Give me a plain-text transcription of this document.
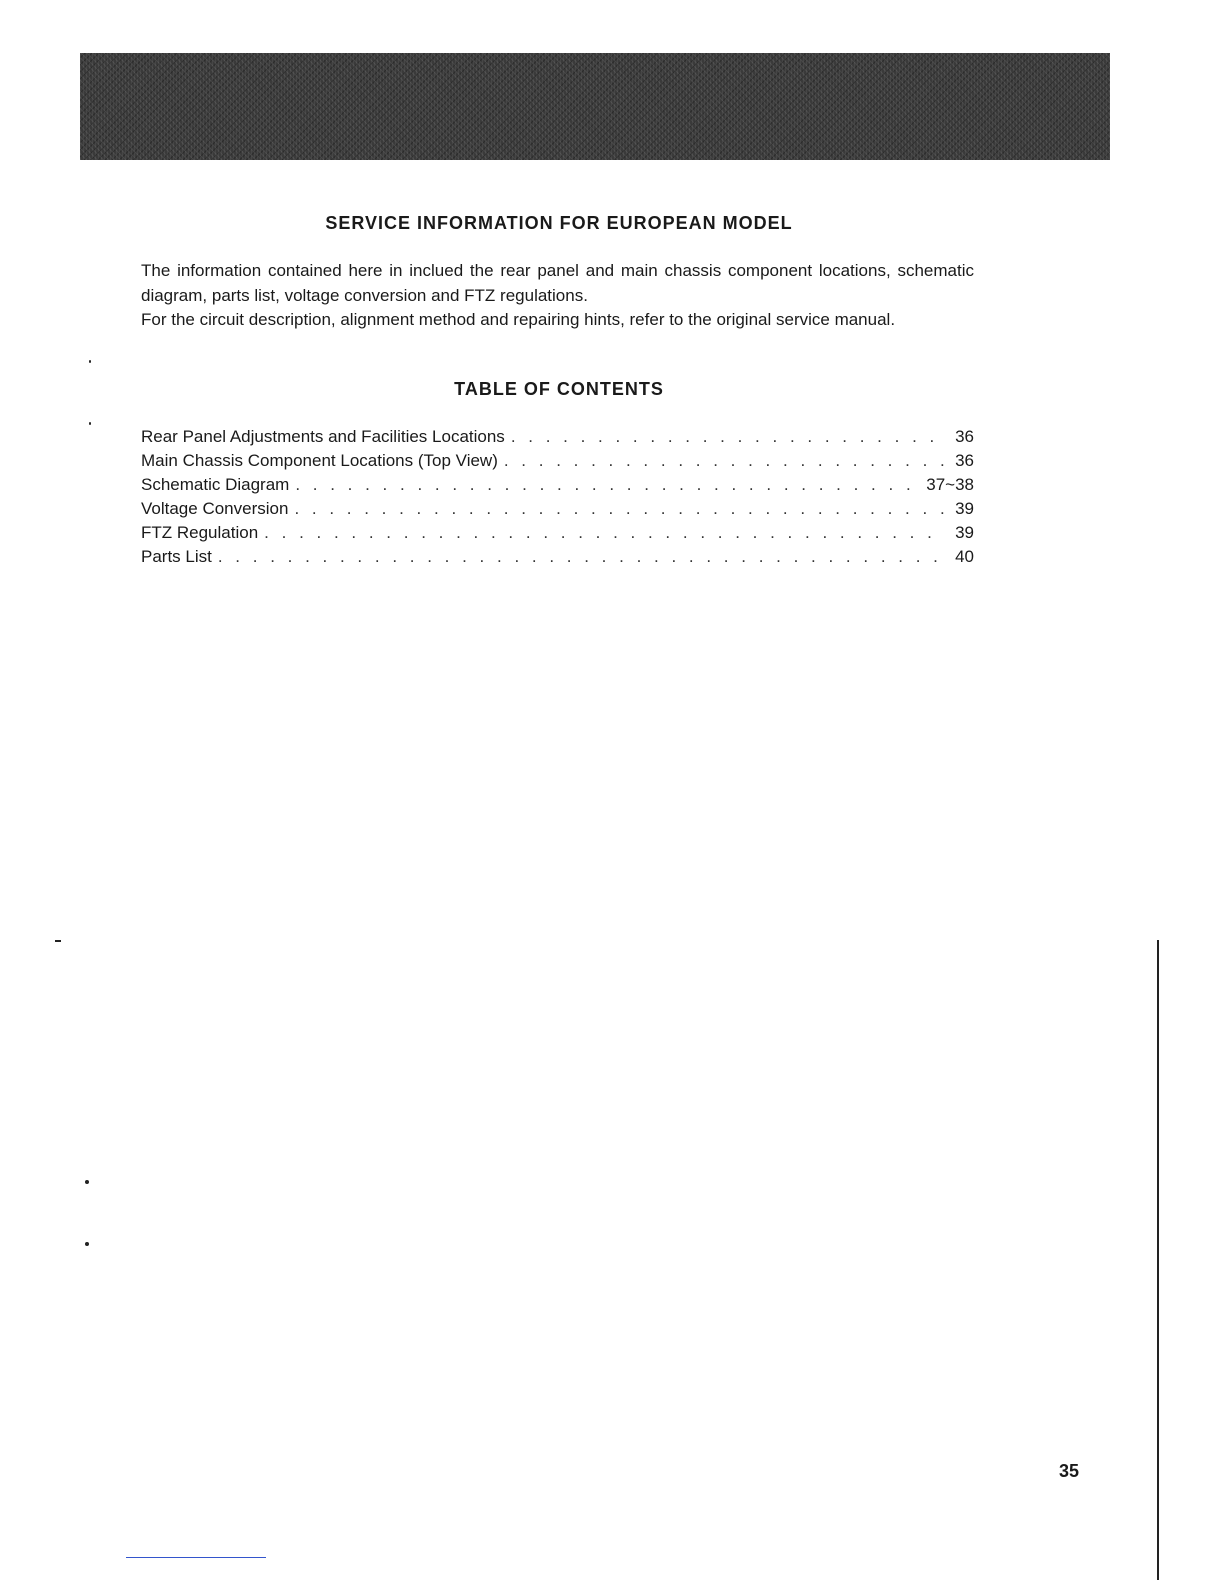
SERVICE INFORMATION FOR EUROPEAN MODEL

The information contained here in inclued the rear panel and main chassis component locations, schematic diagram, parts list, voltage conversion and FTZ regulations.

For the circuit description, alignment method and repairing hints, refer to the original service manual.

TABLE OF CONTENTS
Rear Panel Adjustments and Facilities Locations . . .	36
Main Chassis Component Locations (Top View) . . .	36
Schematic Diagram . . .	37~38
Voltage Conversion . . .	39
FTZ Regulation . . .	39
Parts List . . .	40
35
